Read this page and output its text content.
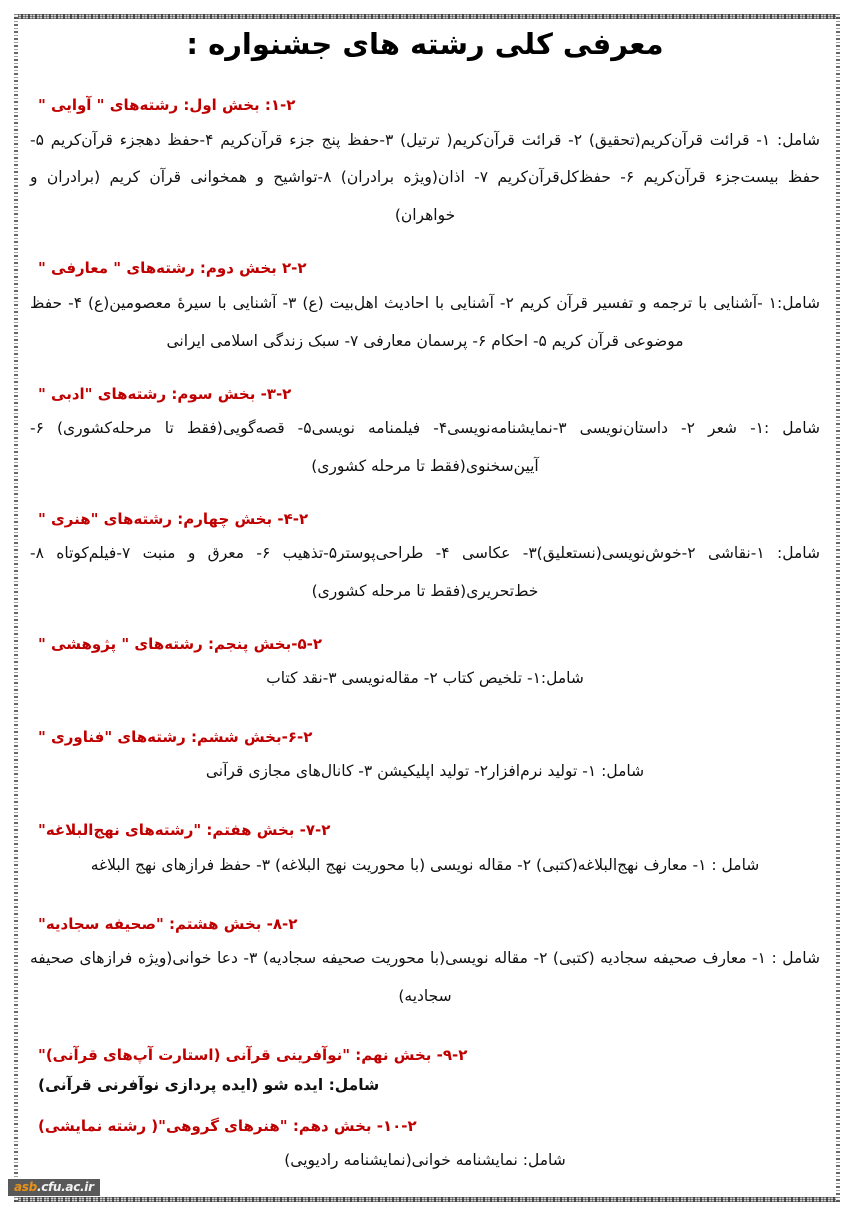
معرفی کلی رشته های جشنواره :
۱-۲: بخش اول: رشته‌های " آوایی "
شامل: ۱- قرائت قرآن‌کریم(تحقیق) ۲- قرائت قرآن‌کریم( ترتیل) ۳-حفظ پنج جزء قرآن‌کریم ۴-حفظ دهجزء قرآن‌کریم ۵-حفظ بیست‌جزء قرآن‌کریم ۶- حفظ‌کل‌قرآن‌کریم ۷- اذان(ویژه برادران) ۸-تواشیح و همخوانی قرآن کریم (برادران و خواهران)
۲-۲ بخش دوم: رشته‌های " معارفی "
شامل:۱ -آشنایی با ترجمه و تفسیر قرآن کریم ۲- آشنایی با احادیث اهل‌بیت (ع) ۳- آشنایی با سیرهٔ معصومین(ع) ۴- حفظ موضوعی قرآن کریم ۵- احکام ۶- پرسمان معارفی ۷- سبک زندگی اسلامی ایرانی
۳-۲- بخش سوم: رشته‌های "ادبی "
شامل :۱- شعر ۲- داستان‌نویسی ۳-نمایشنامه‌نویسی۴- فیلمنامه نویسی۵- قصه‌گویی(فقط تا مرحله‌کشوری) ۶- آیین‌سخنوی(فقط تا مرحله کشوری)
۴-۲- بخش چهارم: رشته‌های "هنری "
شامل: ۱-نقاشی ۲-خوش‌نویسی(نستعلیق)۳- عکاسی ۴- طراحی‌پوستر۵-تذهیب ۶- معرق و منبت ۷-فیلم‌کوتاه ۸- خط‌تحریری(فقط تا مرحله کشوری)
۵-۲-بخش پنجم: رشته‌های " پژوهشی "
شامل:۱- تلخیص کتاب ۲- مقاله‌نویسی ۳-نقد کتاب
۶-۲-بخش ششم: رشته‌های "فناوری "
شامل: ۱- تولید نرم‌افزار۲- تولید اپلیکیشن ۳- کانال‌های مجازی قرآنی
۷-۲- بخش هفتم: "رشته‌های نهج‌البلاغه"
شامل : ۱- معارف نهج‌البلاغه(کتبی) ۲- مقاله نویسی (با محوریت نهج البلاغه) ۳- حفظ فرازهای نهج البلاغه
۸-۲- بخش هشتم: "صحیفه سجادیه"
شامل : ۱- معارف صحیفه سجادیه (کتبی) ۲- مقاله نویسی(با محوریت صحیفه سجادیه) ۳- دعا خوانی(ویژه فرازهای صحیفه سجادیه)
۹-۲- بخش نهم: "نوآفرینی قرآنی (استارت آپ‌های قرآنی)"
شامل: ایده شو (ایده پردازی نوآفرنی قرآنی)
۱۰-۲- بخش دهم: "هنرهای گروهی"( رشته نمایشی)
شامل: نمایشنامه خوانی(نمایشنامه رادیویی)
asb.cfu.ac.ir
